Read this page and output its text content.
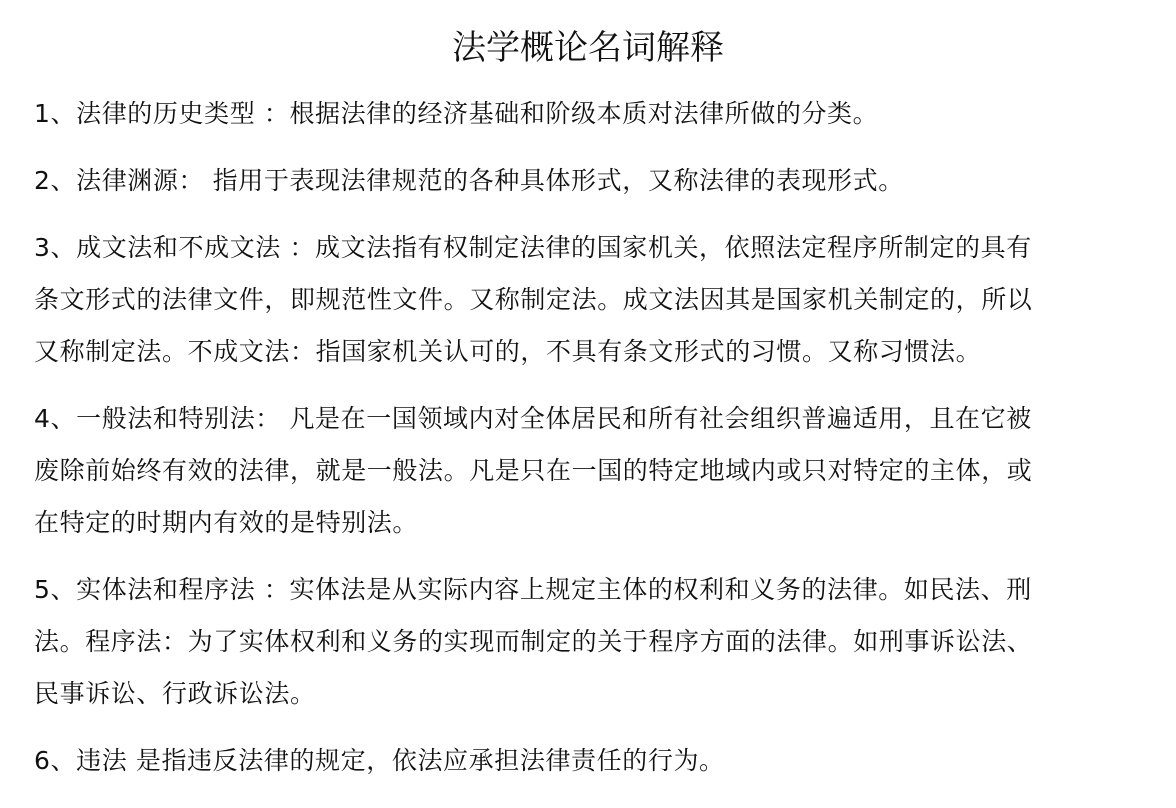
法学概论名词解释
1、法律的历史类型 ：根据法律的经济基础和阶级本质对法律所做的分类。
2、法律渊源： 指用于表现法律规范的各种具体形式，又称法律的表现形式。
3、成文法和不成文法 ：成文法指有权制定法律的国家机关，依照法定程序所制定的具有
条文形式的法律文件，即规范性文件。又称制定法。成文法因其是国家机关制定的，所以
又称制定法。不成文法：指国家机关认可的，不具有条文形式的习惯。又称习惯法。
4、一般法和特别法： 凡是在一国领域内对全体居民和所有社会组织普遍适用，且在它被
废除前始终有效的法律，就是一般法。凡是只在一国的特定地域内或只对特定的主体，或
在特定的时期内有效的是特别法。
5、实体法和程序法 ：实体法是从实际内容上规定主体的权利和义务的法律。如民法、刑
法。程序法：为了实体权利和义务的实现而制定的关于程序方面的法律。如刑事诉讼法、
民事诉讼、行政诉讼法。
6、违法 是指违反法律的规定，依法应承担法律责任的行为。
